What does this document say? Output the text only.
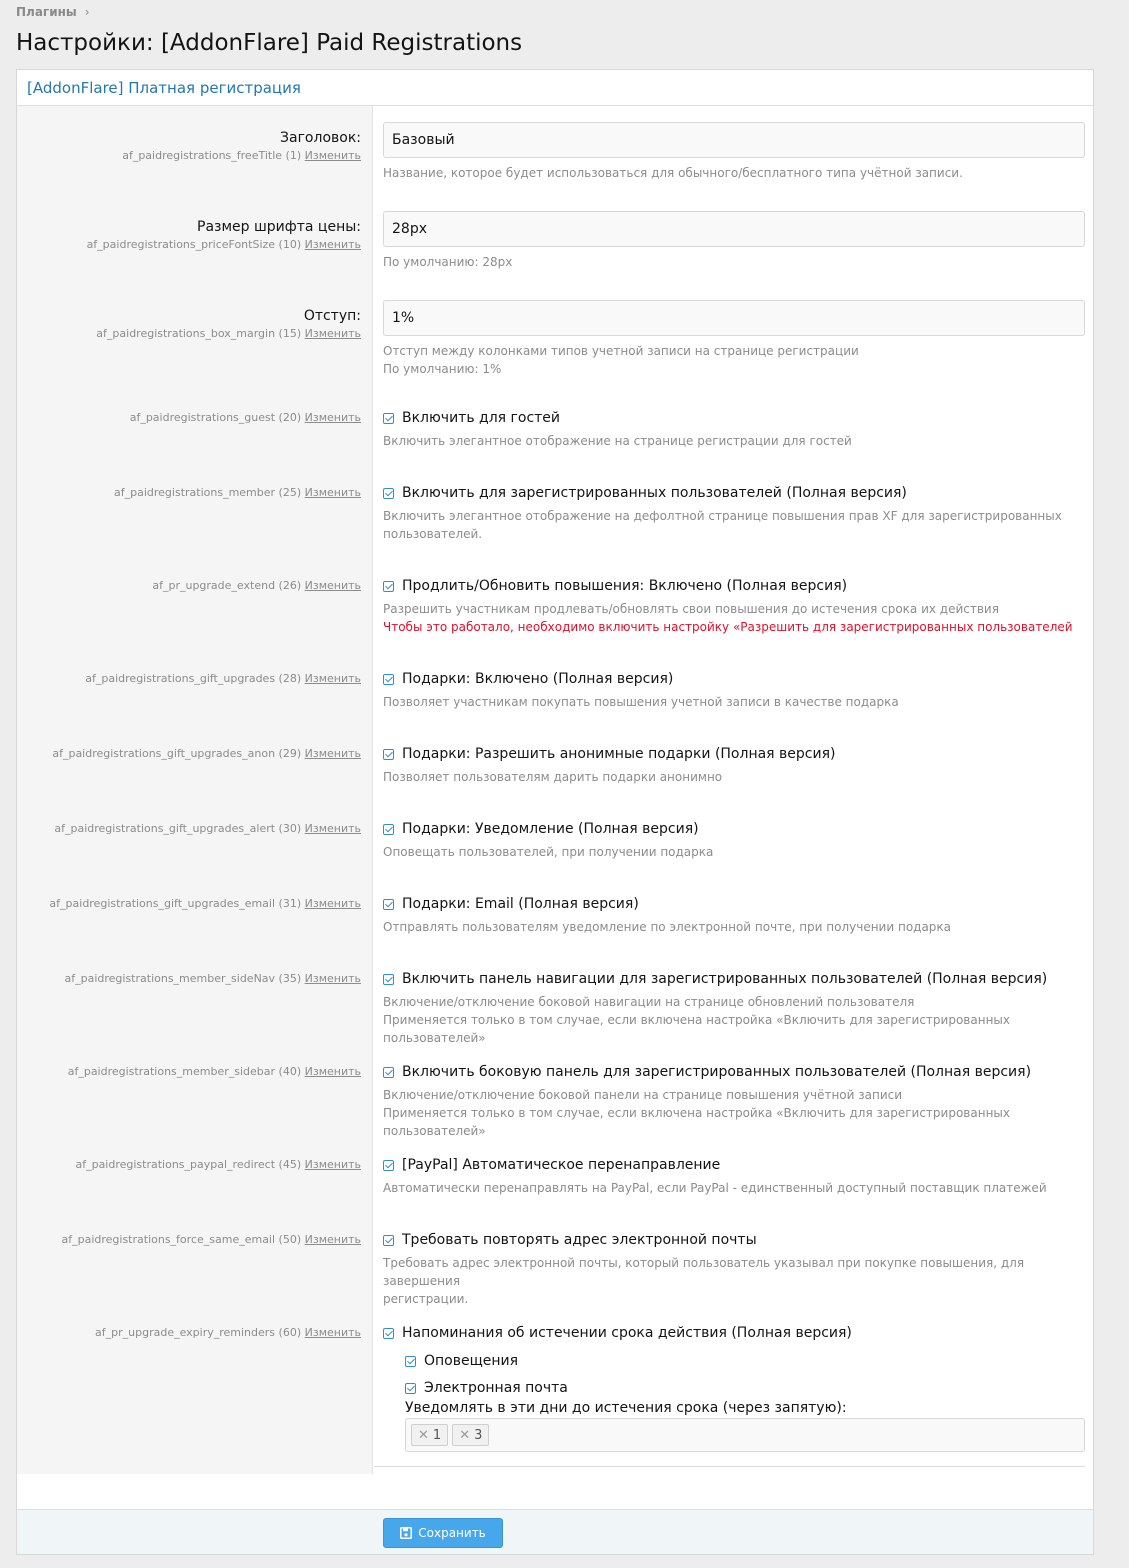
Плагины ›
Настройки: [AddonFlare] Paid Registrations
[AddonFlare] Платная регистрация
Заголовок:
af_paidregistrations_freeTitle (1) Изменить
Базовый
Название, которое будет использоваться для обычного/бесплатного типа учётной записи.
Размер шрифта цены:
af_paidregistrations_priceFontSize (10) Изменить
28px
По умолчанию: 28px
Отступ:
af_paidregistrations_box_margin (15) Изменить
1%
Отступ между колонками типов учетной записи на странице регистрации
По умолчанию: 1%
af_paidregistrations_guest (20) Изменить	Включить для гостей
Включить элегантное отображение на странице регистрации для гостей
af_paidregistrations_member (25) Изменить	Включить для зарегистрированных пользователей (Полная версия)
Включить элегантное отображение на дефолтной странице повышения прав XF для зарегистрированных
пользователей.
af_pr_upgrade_extend (26) Изменить	Продлить/Обновить повышения: Включено (Полная версия)
Разрешить участникам продлевать/обновлять свои повышения до истечения срока их действия
Чтобы это работало, необходимо включить настройку «Разрешить для зарегистрированных пользователей
af_paidregistrations_gift_upgrades (28) Изменить	Подарки: Включено (Полная версия)
Позволяет участникам покупать повышения учетной записи в качестве подарка
af_paidregistrations_gift_upgrades_anon (29) Изменить	Подарки: Разрешить анонимные подарки (Полная версия)
Позволяет пользователям дарить подарки анонимно
af_paidregistrations_gift_upgrades_alert (30) Изменить	Подарки: Уведомление (Полная версия)
Оповещать пользователей, при получении подарка
af_paidregistrations_gift_upgrades_email (31) Изменить	Подарки: Email (Полная версия)
Отправлять пользователям уведомление по электронной почте, при получении подарка
af_paidregistrations_member_sideNav (35) Изменить	Включить панель навигации для зарегистрированных пользователей (Полная версия)
Включение/отключение боковой навигации на странице обновлений пользователя
Применяется только в том случае, если включена настройка «Включить для зарегистрированных пользователей»
af_paidregistrations_member_sidebar (40) Изменить	Включить боковую панель для зарегистрированных пользователей (Полная версия)
Включение/отключение боковой панели на странице повышения учётной записи
Применяется только в том случае, если включена настройка «Включить для зарегистрированных пользователей»
af_paidregistrations_paypal_redirect (45) Изменить	[PayPal] Автоматическое перенаправление
Автоматически перенаправлять на PayPal, если PayPal - единственный доступный поставщик платежей
af_paidregistrations_force_same_email (50) Изменить	Требовать повторять адрес электронной почты
Требовать адрес электронной почты, который пользователь указывал при покупке повышения, для завершения
регистрации.
af_pr_upgrade_expiry_reminders (60) Изменить	Напоминания об истечении срока действия (Полная версия)
Оповещения
Электронная почта
Уведомлять в эти дни до истечения срока (через запятую):
✕ 1 ✕ 3
Сохранить
